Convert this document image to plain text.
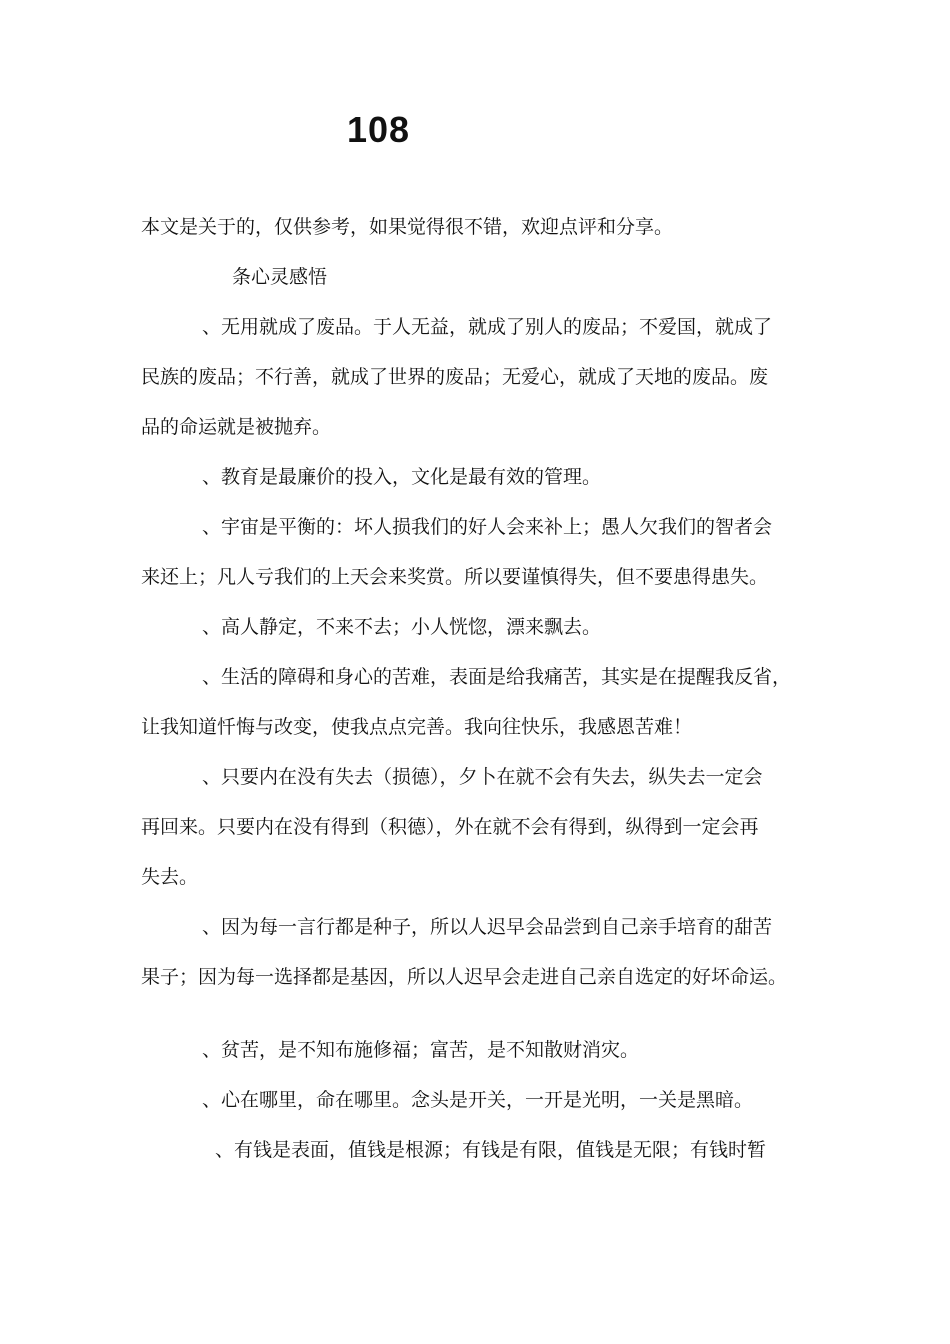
108

本文是关于的，仅供参考，如果觉得很不错，欢迎点评和分享。

条心灵感悟

、无用就成了废品。于人无益，就成了别人的废品；不爱国，就成了

民族的废品；不行善，就成了世界的废品；无爱心，就成了天地的废品。废

品的命运就是被抛弃。

、教育是最廉价的投入，文化是最有效的管理。

、宇宙是平衡的：坏人损我们的好人会来补上；愚人欠我们的智者会

来还上；凡人亏我们的上天会来奖赏。所以要谨慎得失，但不要患得患失。

、高人静定，不来不去；小人恍惚，漂来飘去。

、生活的障碍和身心的苦难，表面是给我痛苦，其实是在提醒我反省，

让我知道忏悔与改变，使我点点完善。我向往快乐，我感恩苦难！

、只要内在没有失去（损德），夕卜在就不会有失去，纵失去一定会

再回来。只要内在没有得到（积德），外在就不会有得到，纵得到一定会再

失去。

、因为每一言行都是种子，所以人迟早会品尝到自己亲手培育的甜苦

果子；因为每一选择都是基因，所以人迟早会走进自己亲自选定的好坏命运。

、贫苦，是不知布施修福；富苦，是不知散财消灾。

、心在哪里，命在哪里。念头是开关，一开是光明，一关是黑暗。

、有钱是表面，值钱是根源；有钱是有限，值钱是无限；有钱时暂
